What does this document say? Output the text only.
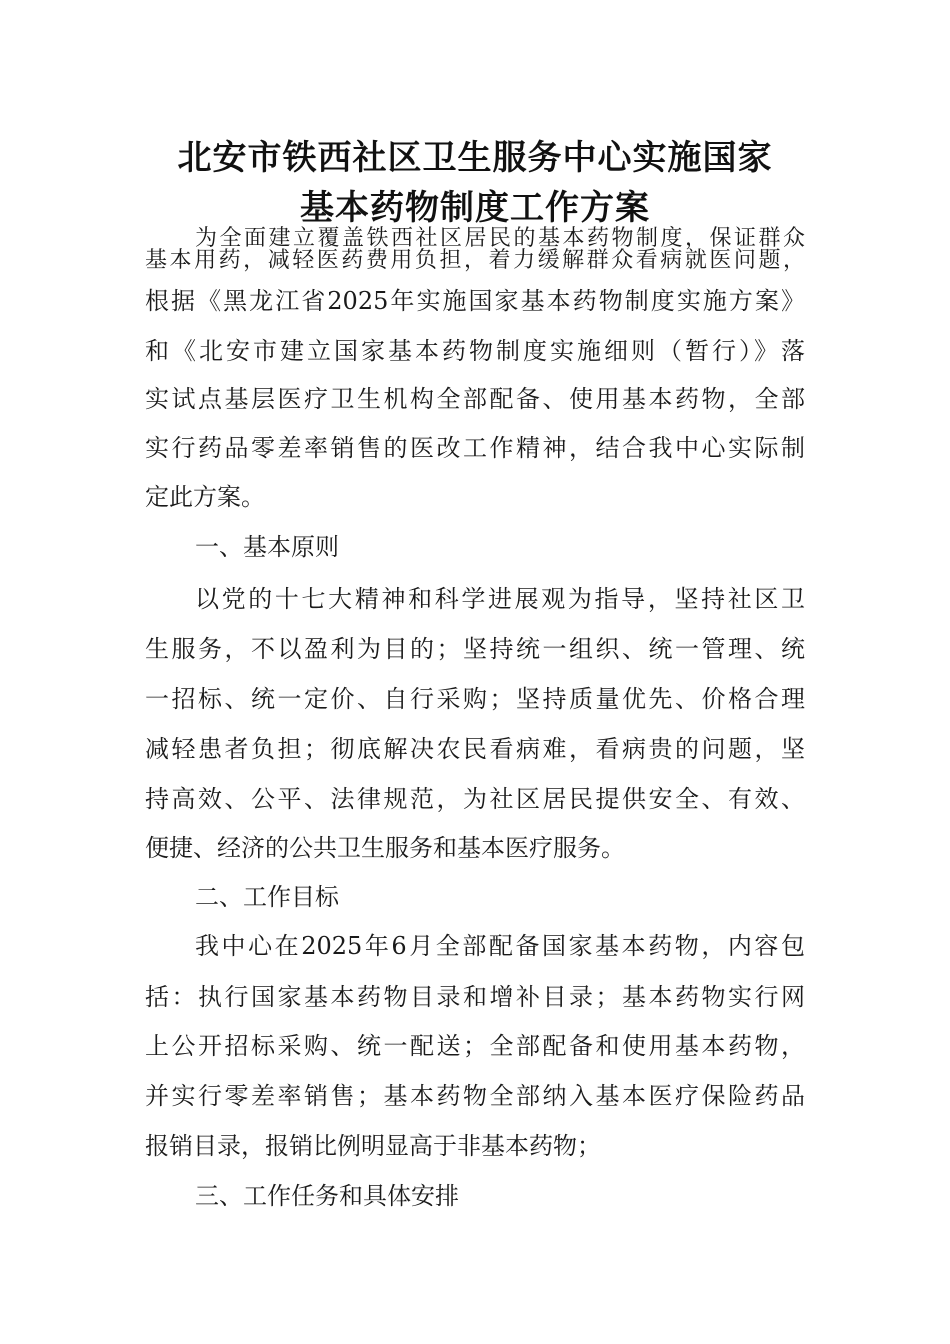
北安市铁西社区卫生服务中心实施国家
基本药物制度工作方案
为全面建立覆盖铁西社区居民的基本药物制度，保证群众
基本用药，减轻医药费用负担，着力缓解群众看病就医问题，
根据《黑龙江省2025年实施国家基本药物制度实施方案》
和《北安市建立国家基本药物制度实施细则（暂行）》落
实试点基层医疗卫生机构全部配备、使用基本药物，全部
实行药品零差率销售的医改工作精神，结合我中心实际制
定此方案。
一、基本原则
以党的十七大精神和科学进展观为指导，坚持社区卫
生服务，不以盈利为目的；坚持统一组织、统一管理、统
一招标、统一定价、自行采购；坚持质量优先、价格合理
减轻患者负担；彻底解决农民看病难，看病贵的问题，坚
持高效、公平、法律规范，为社区居民提供安全、有效、
便捷、经济的公共卫生服务和基本医疗服务。
二、工作目标
我中心在2025年6月全部配备国家基本药物，内容包
括：执行国家基本药物目录和增补目录；基本药物实行网
上公开招标采购、统一配送；全部配备和使用基本药物，
并实行零差率销售；基本药物全部纳入基本医疗保险药品
报销目录，报销比例明显高于非基本药物；
三、工作任务和具体安排
